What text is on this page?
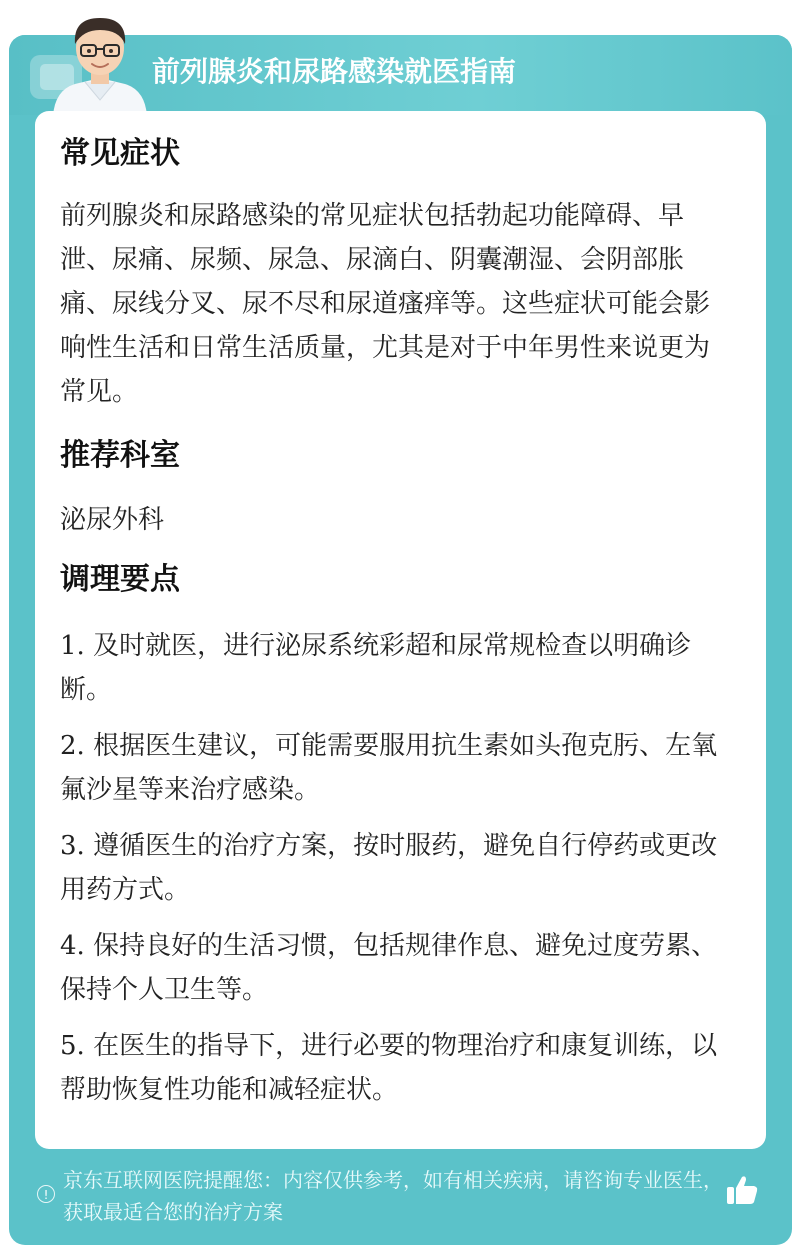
前列腺炎和尿路感染就医指南
常见症状

前列腺炎和尿路感染的常见症状包括勃起功能障碍、早泄、尿痛、尿频、尿急、尿滴白、阴囊潮湿、会阴部胀痛、尿线分叉、尿不尽和尿道瘙痒等。这些症状可能会影响性生活和日常生活质量，尤其是对于中年男性来说更为常见。

推荐科室

泌尿外科

调理要点

1. 及时就医，进行泌尿系统彩超和尿常规检查以明确诊断。

2. 根据医生建议，可能需要服用抗生素如头孢克肟、左氧氟沙星等来治疗感染。

3. 遵循医生的治疗方案，按时服药，避免自行停药或更改用药方式。

4. 保持良好的生活习惯，包括规律作息、避免过度劳累、保持个人卫生等。

5. 在医生的指导下，进行必要的物理治疗和康复训练，以帮助恢复性功能和减轻症状。

!
京东互联网医院提醒您：内容仅供参考，如有相关疾病，请咨询专业医生，获取最适合您的治疗方案
